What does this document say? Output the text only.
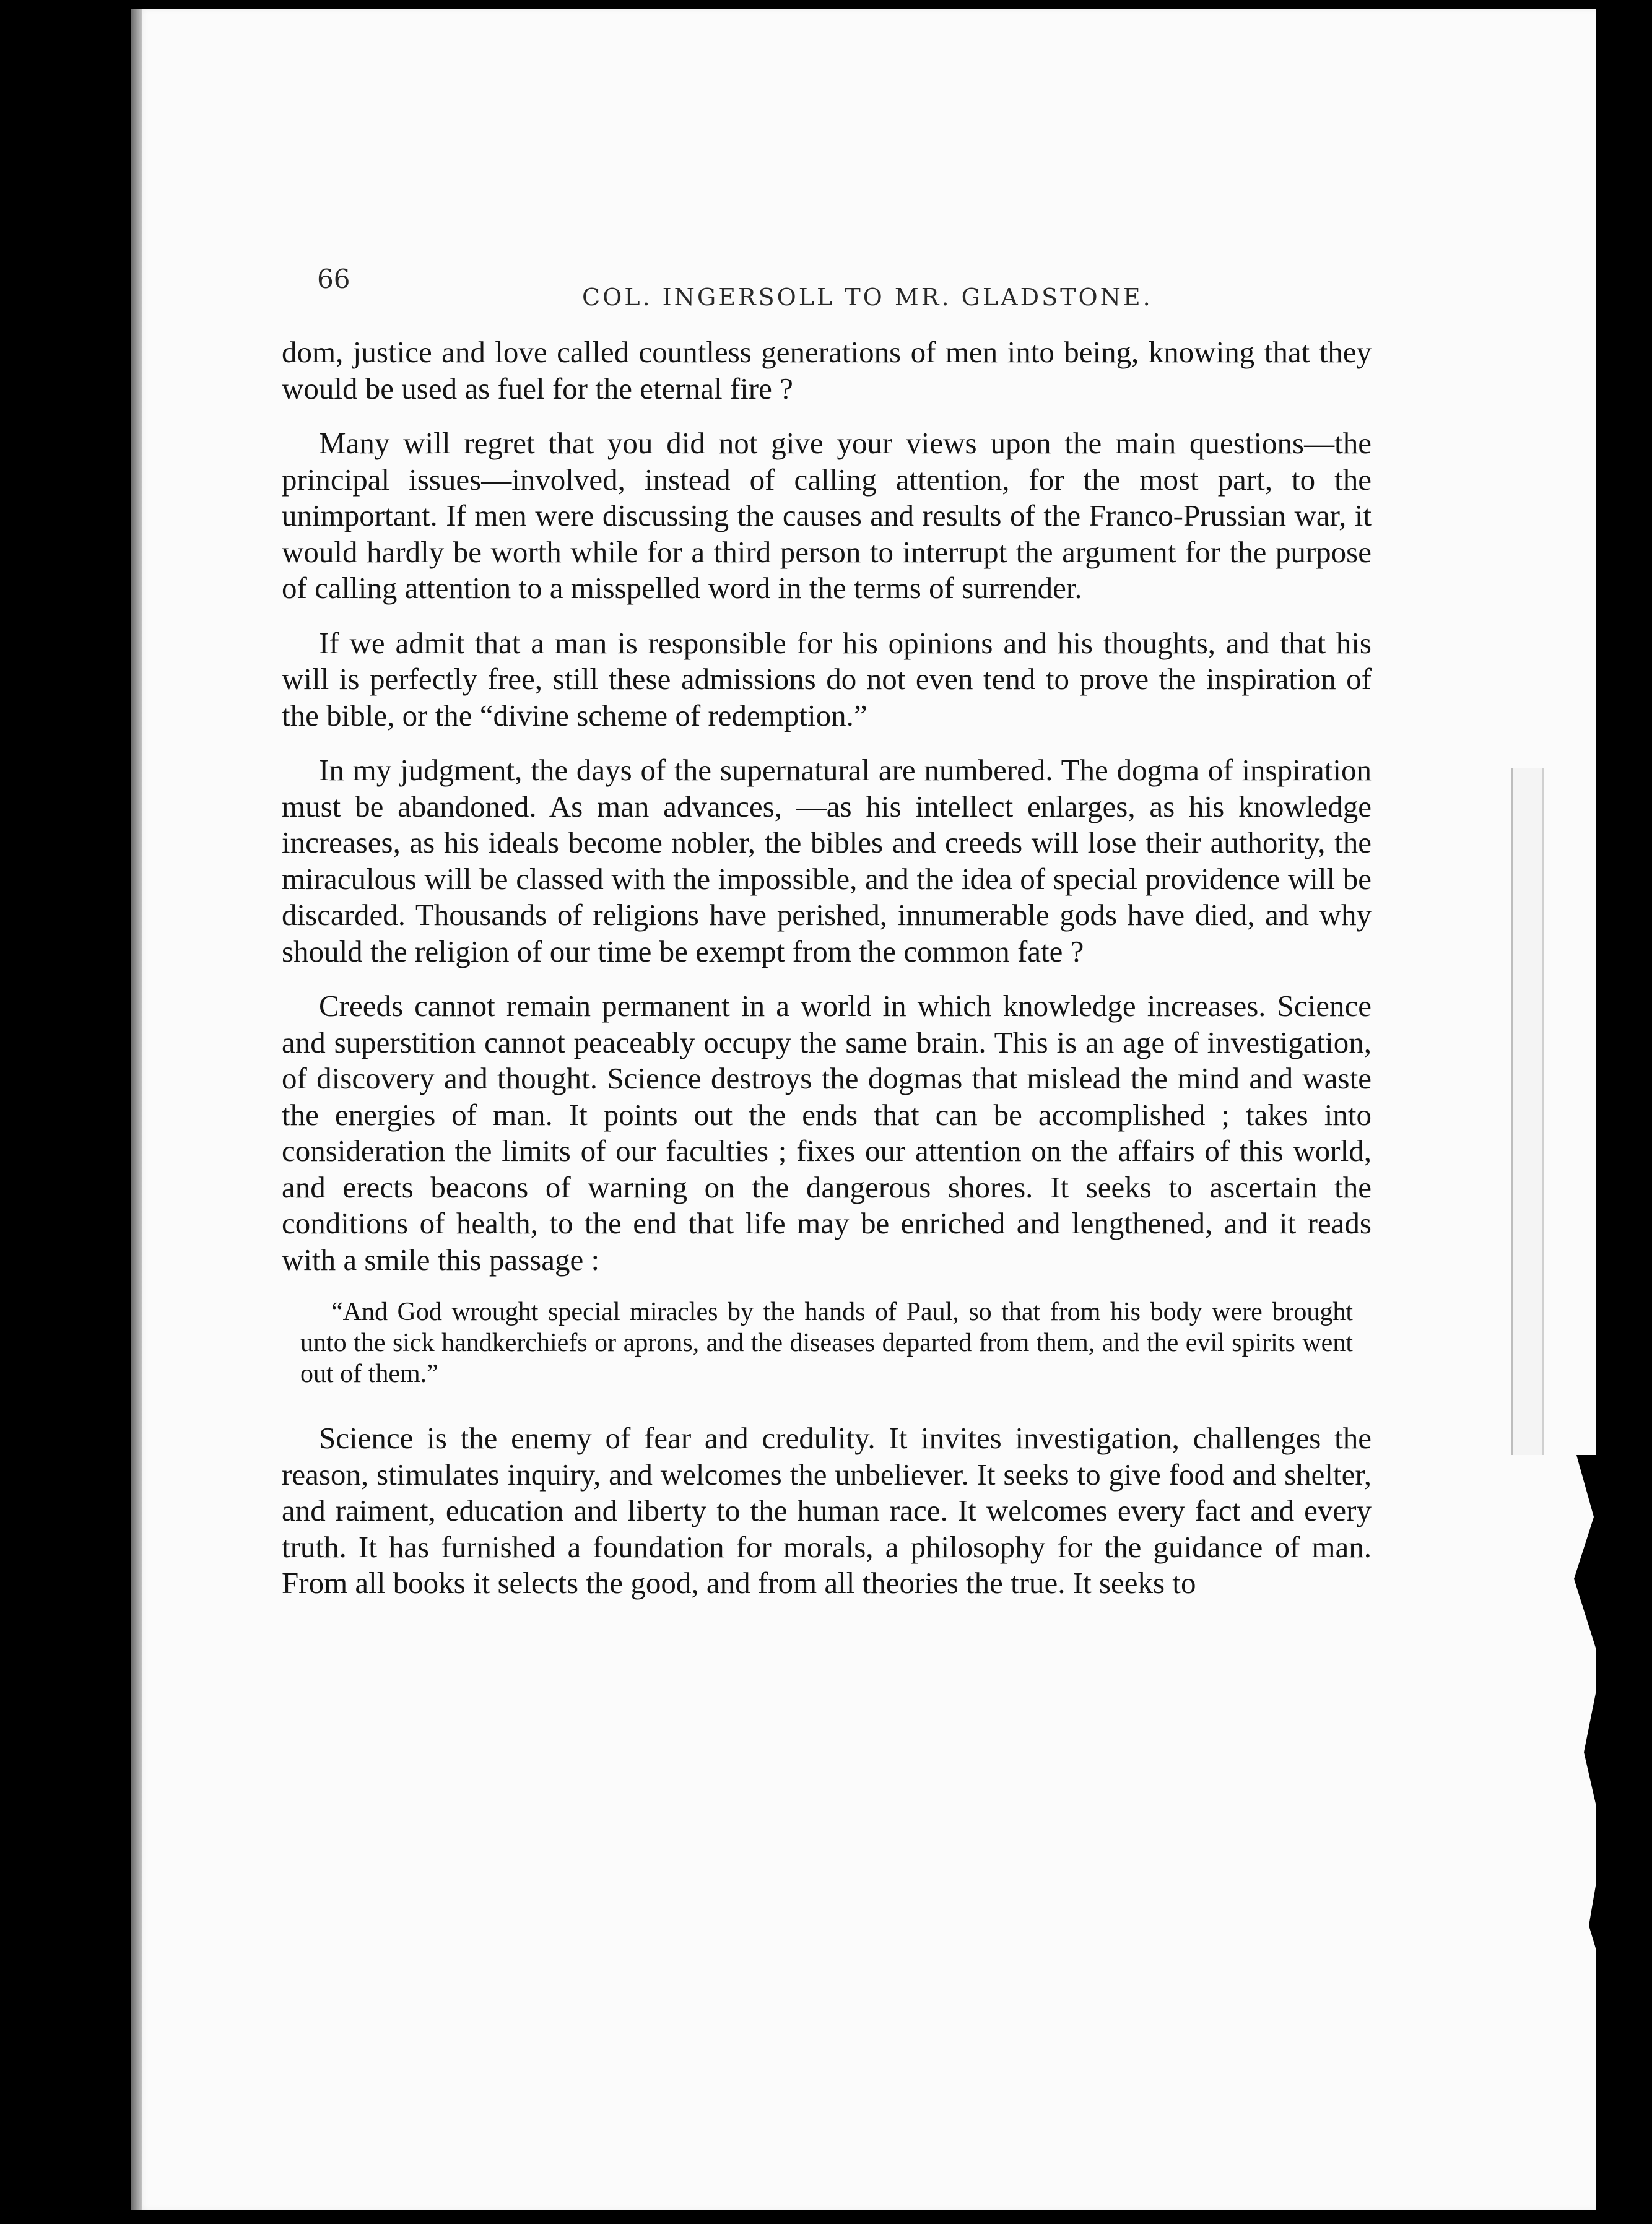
66
COL. INGERSOLL TO MR. GLADSTONE.

dom, justice and love called countless generations of men into being, knowing that they would be used as fuel for the eternal fire ?

Many will regret that you did not give your views upon the main questions—the principal issues—involved, instead of calling attention, for the most part, to the unimportant. If men were discussing the causes and results of the Franco-Prussian war, it would hardly be worth while for a third person to interrupt the argument for the purpose of calling attention to a misspelled word in the terms of surrender.

If we admit that a man is responsible for his opinions and his thoughts, and that his will is perfectly free, still these admissions do not even tend to prove the inspiration of the bible, or the “divine scheme of redemption.”

In my judgment, the days of the supernatural are numbered. The dogma of inspiration must be abandoned. As man advances, —as his intellect enlarges, as his knowledge increases, as his ideals become nobler, the bibles and creeds will lose their authority, the miraculous will be classed with the impossible, and the idea of special providence will be discarded. Thousands of religions have perished, innumerable gods have died, and why should the religion of our time be exempt from the common fate ?

Creeds cannot remain permanent in a world in which knowledge increases. Science and superstition cannot peaceably occupy the same brain. This is an age of investigation, of discovery and thought. Science destroys the dogmas that mislead the mind and waste the energies of man. It points out the ends that can be accomplished ; takes into consideration the limits of our faculties ; fixes our attention on the affairs of this world, and erects beacons of warning on the dangerous shores. It seeks to ascertain the conditions of health, to the end that life may be enriched and lengthened, and it reads with a smile this passage :

“And God wrought special miracles by the hands of Paul, so that from his body were brought unto the sick handkerchiefs or aprons, and the diseases departed from them, and the evil spirits went out of them.”

Science is the enemy of fear and credulity. It invites investigation, challenges the reason, stimulates inquiry, and welcomes the unbeliever. It seeks to give food and shelter, and raiment, education and liberty to the human race. It welcomes every fact and every truth. It has furnished a foundation for morals, a philosophy for the guidance of man. From all books it selects the good, and from all theories the true. It seeks to
